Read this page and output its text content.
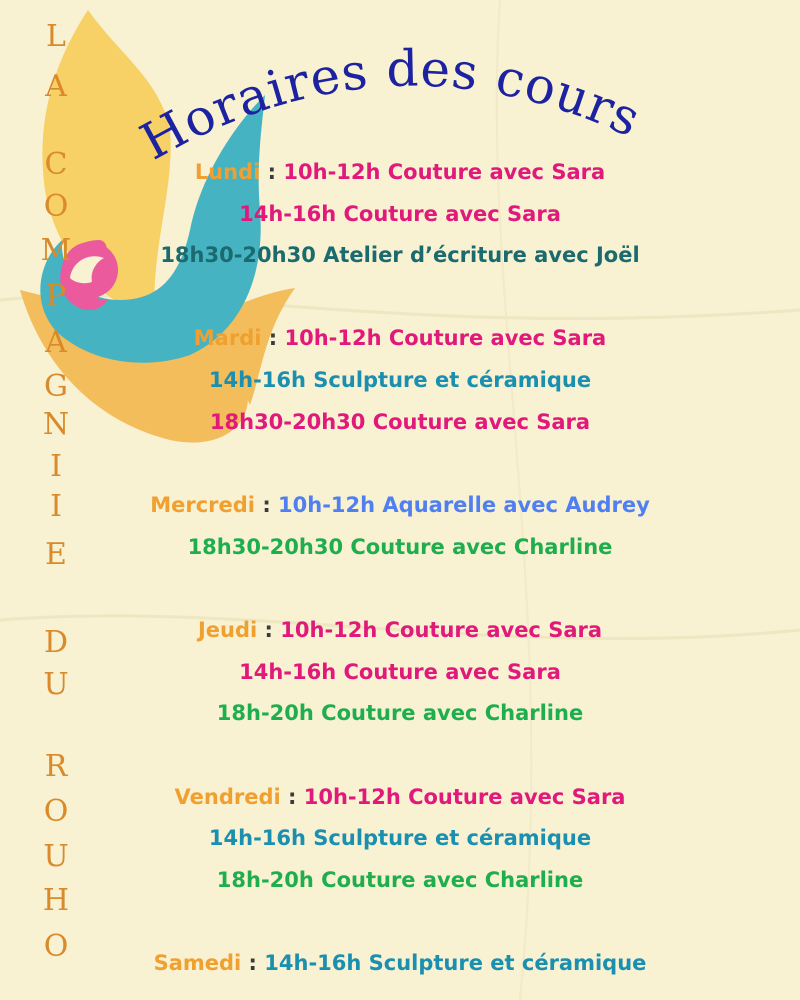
Horaires des cours
L
A
C
O
M
P
A
G
N
I
I
E
D
U
R
O
U
H
O
Lundi : 10h-12h Couture avec Sara
14h-16h Couture avec Sara
18h30-20h30 Atelier d’écriture avec Joël
Mardi : 10h-12h Couture avec Sara
14h-16h Sculpture et céramique
18h30-20h30 Couture avec Sara
Mercredi : 10h-12h Aquarelle avec Audrey
18h30-20h30 Couture avec Charline
Jeudi : 10h-12h Couture avec Sara
14h-16h Couture avec Sara
18h-20h Couture avec Charline
Vendredi : 10h-12h Couture avec Sara
14h-16h Sculpture et céramique
18h-20h Couture avec Charline
Samedi : 14h-16h Sculpture et céramique
